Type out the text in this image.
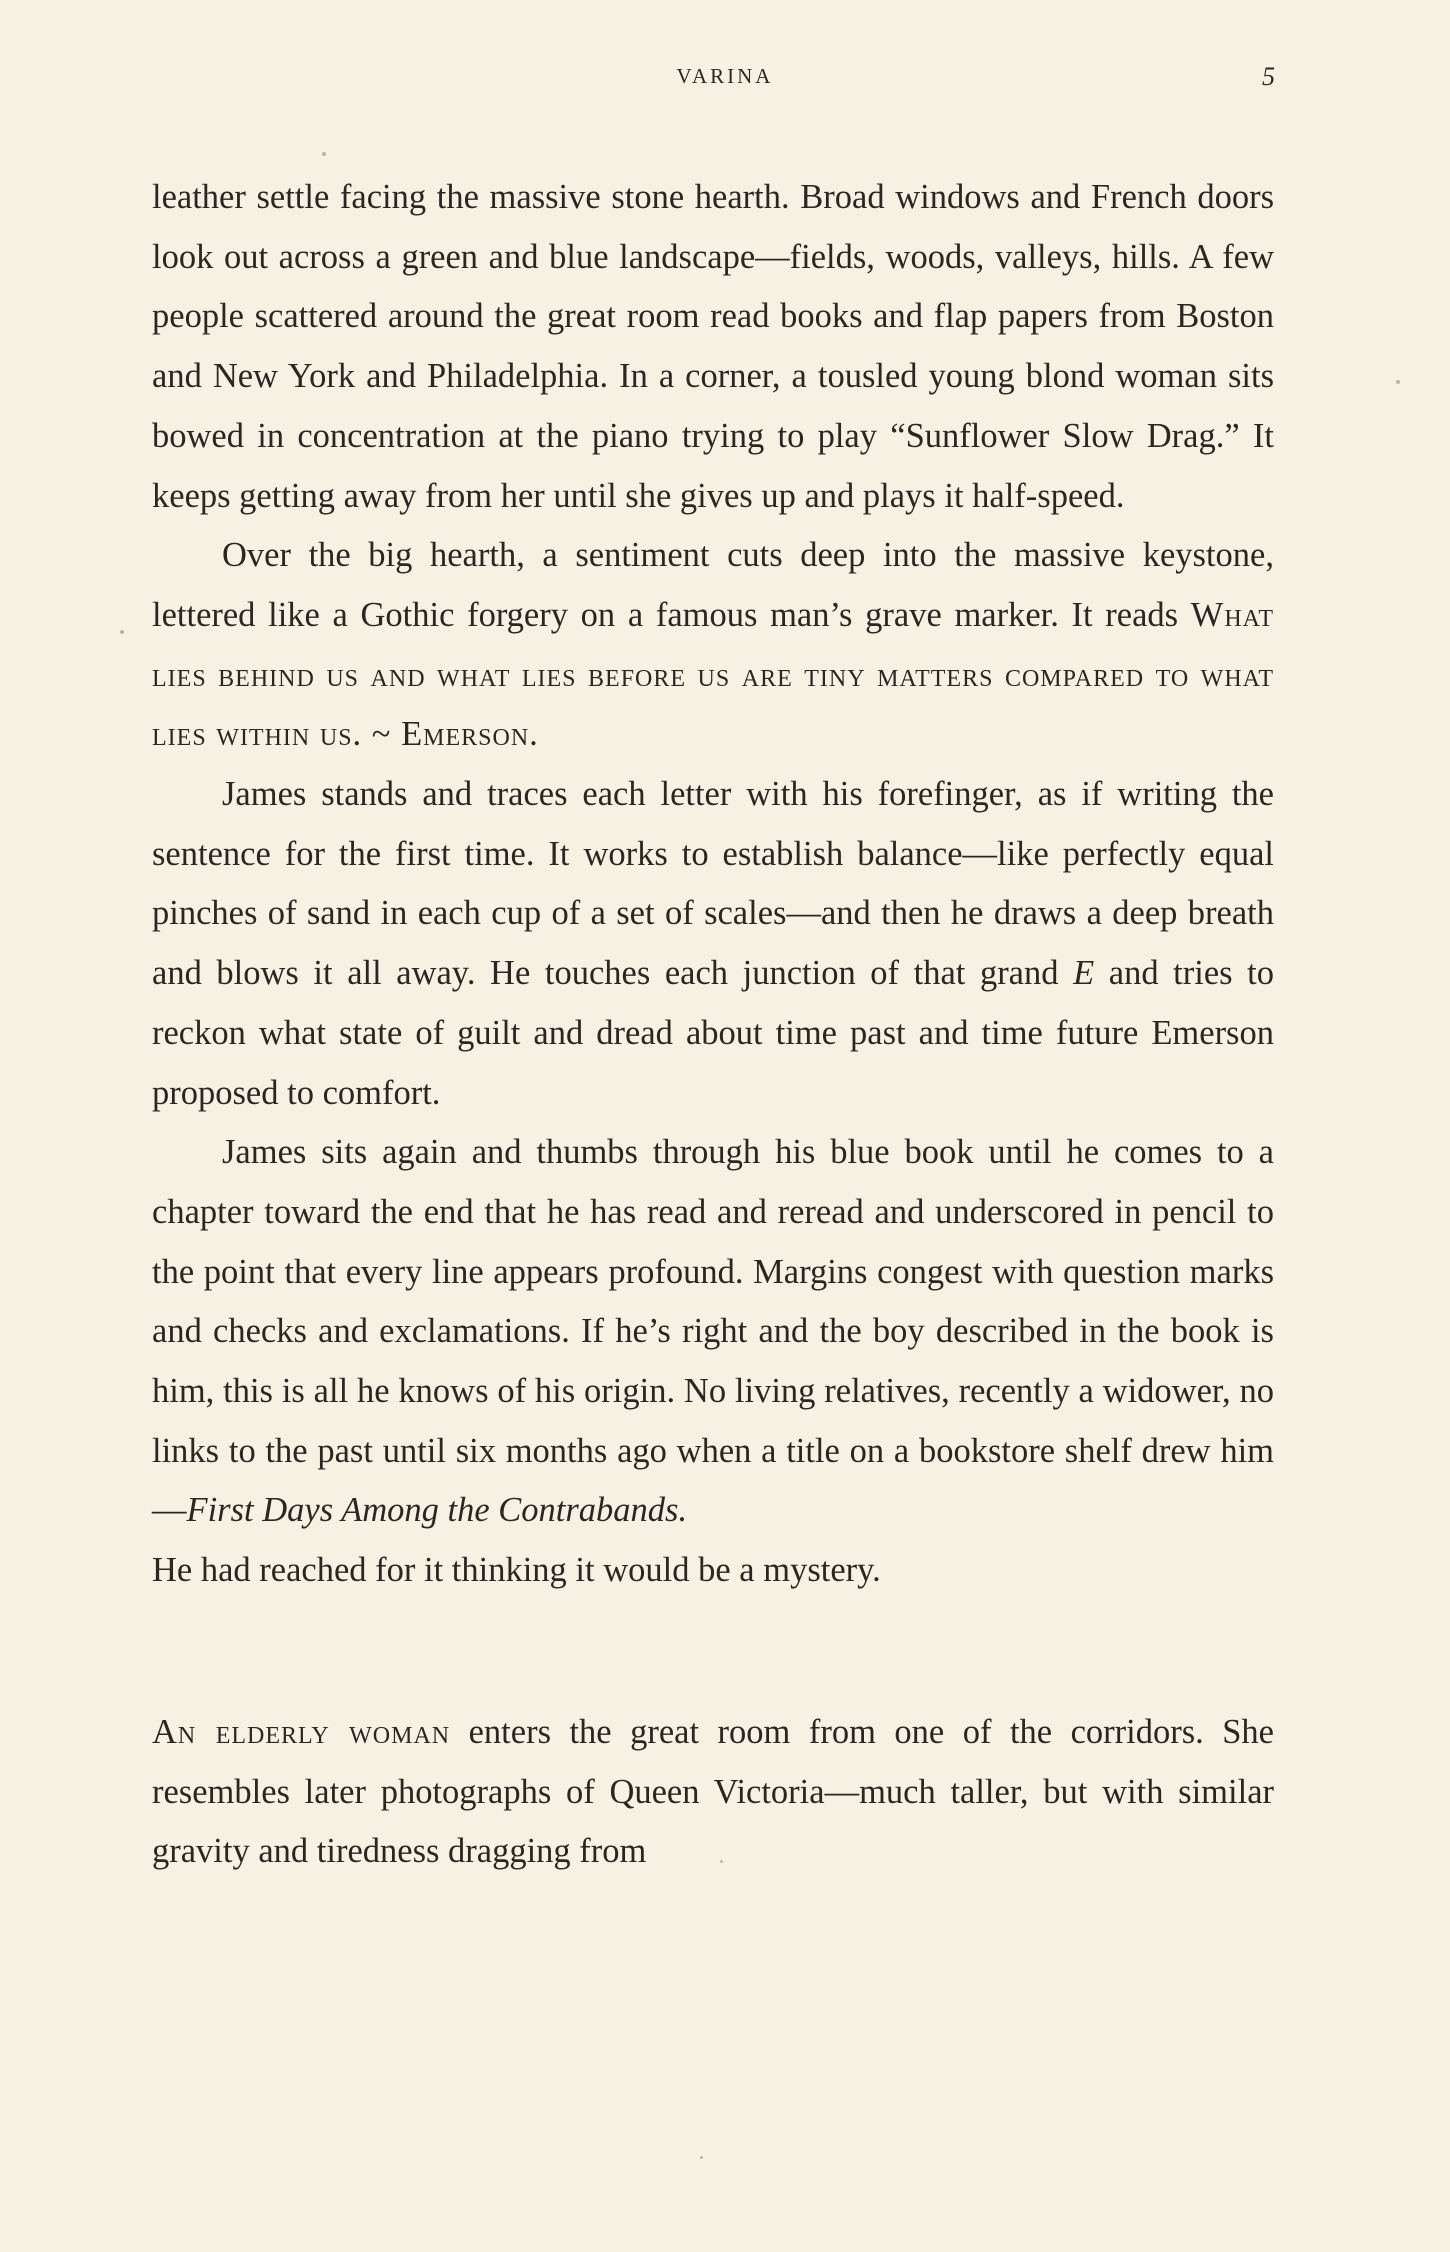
VARINA	5

leather settle facing the massive stone hearth. Broad windows and French doors look out across a green and blue landscape—fields, woods, valleys, hills. A few people scattered around the great room read books and flap papers from Boston and New York and Philadelphia. In a corner, a tousled young blond woman sits bowed in concentration at the piano trying to play “Sunflower Slow Drag.” It keeps getting away from her until she gives up and plays it half-speed.

Over the big hearth, a sentiment cuts deep into the massive keystone, lettered like a Gothic forgery on a famous man’s grave marker. It reads What lies behind us and what lies before us are tiny matters compared to what lies within us. ~ Emerson.

James stands and traces each letter with his forefinger, as if writing the sentence for the first time. It works to establish balance—like perfectly equal pinches of sand in each cup of a set of scales—and then he draws a deep breath and blows it all away. He touches each junction of that grand E and tries to reckon what state of guilt and dread about time past and time future Emerson proposed to comfort.

James sits again and thumbs through his blue book until he comes to a chapter toward the end that he has read and reread and underscored in pencil to the point that every line appears profound. Margins congest with question marks and checks and exclamations. If he’s right and the boy described in the book is him, this is all he knows of his origin. No living relatives, recently a widower, no links to the past until six months ago when a title on a bookstore shelf drew him—First Days Among the Contrabands.

He had reached for it thinking it would be a mystery.

An elderly woman enters the great room from one of the corridors. She resembles later photographs of Queen Victoria—much taller, but with similar gravity and tiredness dragging from
